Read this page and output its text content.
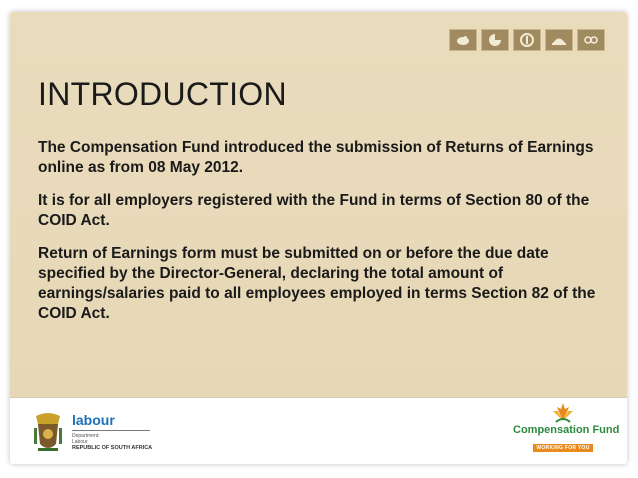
INTRODUCTION

The Compensation Fund introduced the submission of Returns of Earnings online as from 08 May 2012.

It is for all employers registered with the Fund in terms of Section 80 of the COID Act.

Return of Earnings form must be submitted on or before the due date specified by the Director-General, declaring the total amount of earnings/salaries paid to all employees employed in terms Section 82 of the COID Act.

labour
Department:
Labour
REPUBLIC OF SOUTH AFRICA
Compensation Fund
WORKING FOR YOU
